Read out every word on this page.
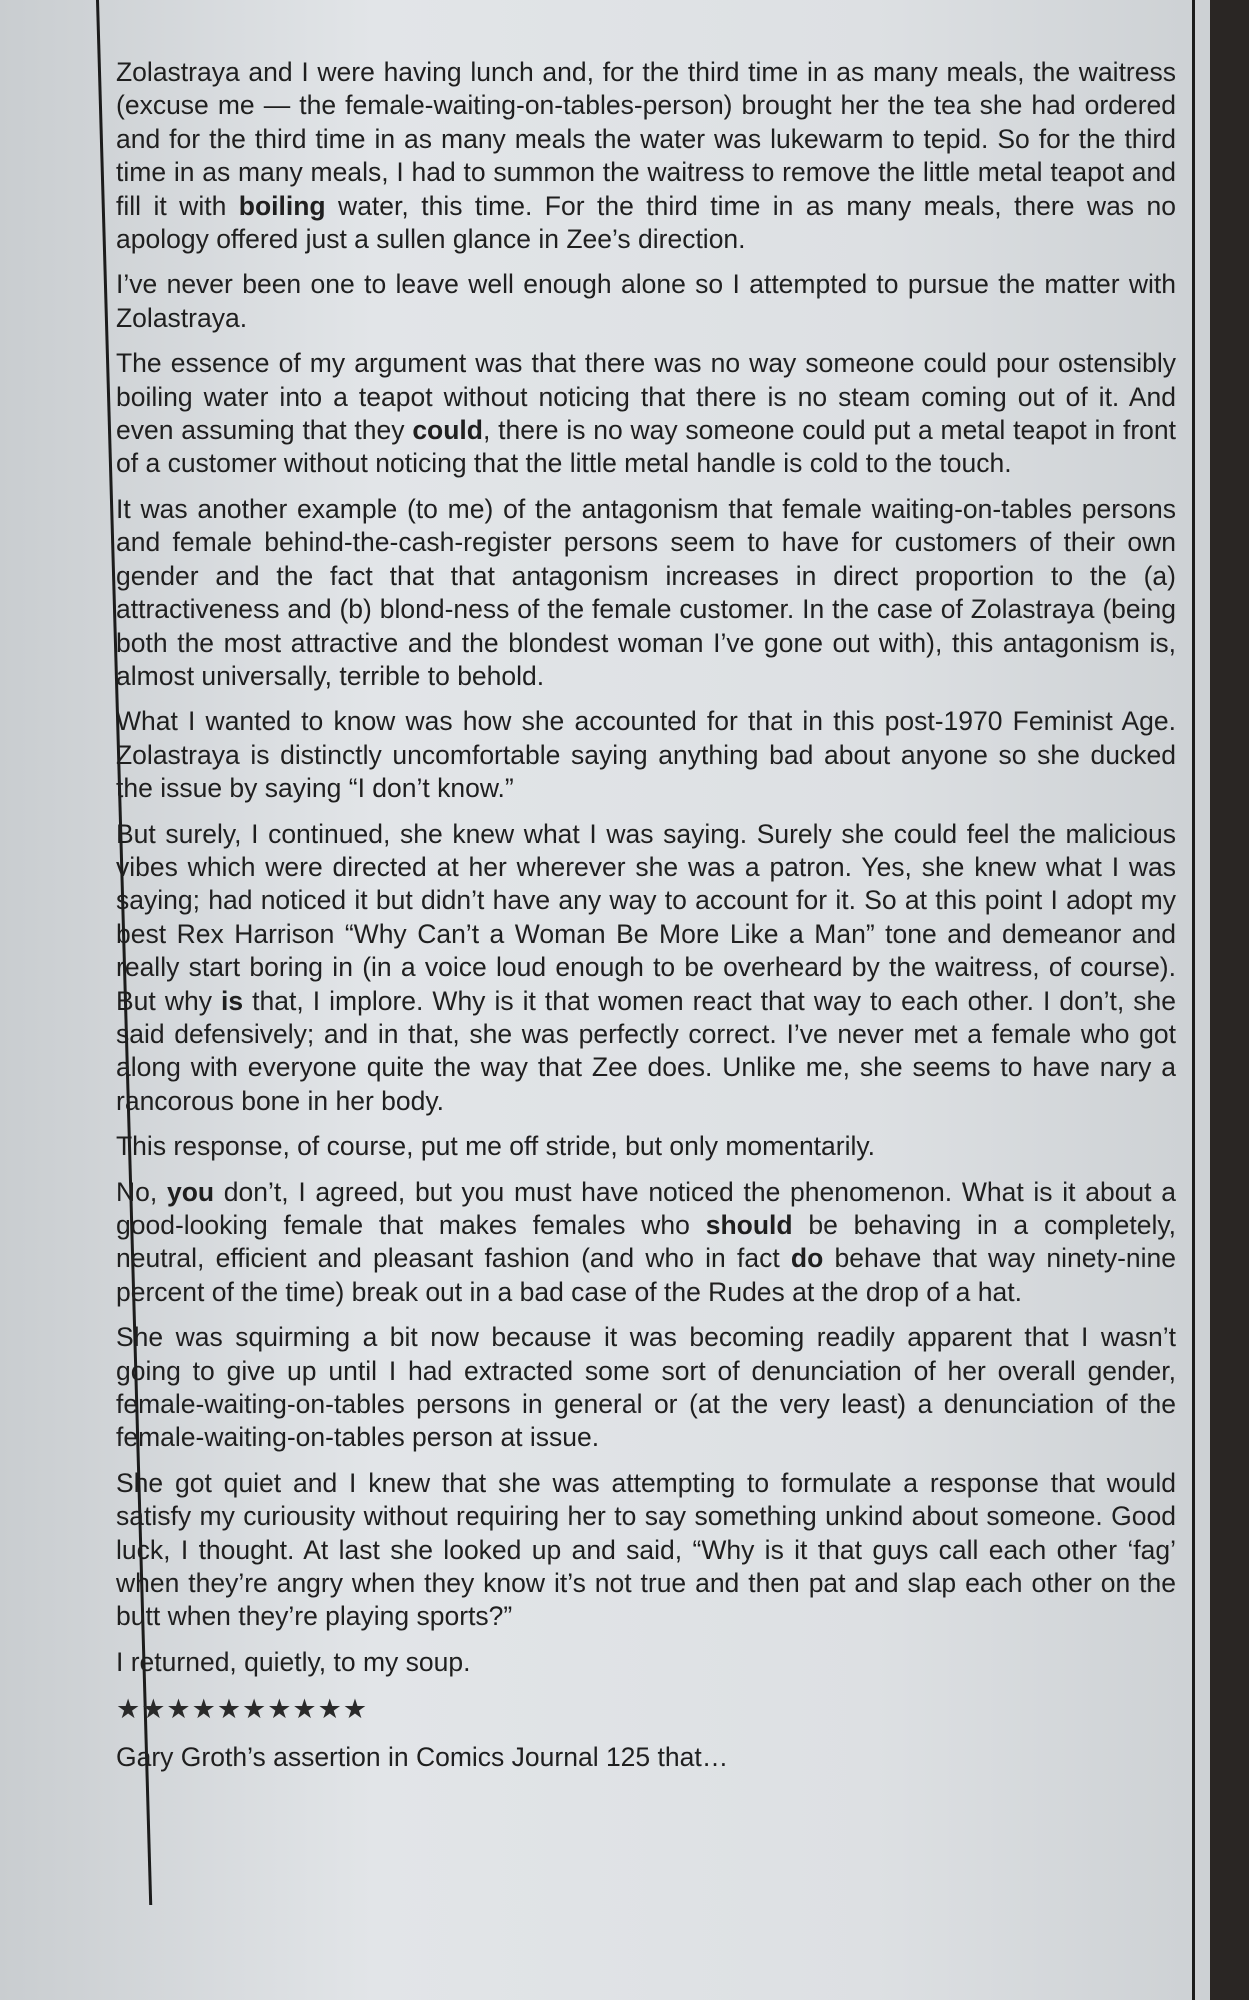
Zolastraya and I were having lunch and, for the third time in as many meals, the waitress (excuse me — the female-waiting-on-tables-person) brought her the tea she had ordered and for the third time in as many meals the water was lukewarm to tepid. So for the third time in as many meals, I had to summon the waitress to remove the little metal teapot and fill it with boiling water, this time. For the third time in as many meals, there was no apology offered just a sullen glance in Zee’s direction.

I’ve never been one to leave well enough alone so I attempted to pursue the matter with Zolastraya.

The essence of my argument was that there was no way someone could pour ostensibly boiling water into a teapot without noticing that there is no steam coming out of it. And even assuming that they could, there is no way someone could put a metal teapot in front of a customer without noticing that the little metal handle is cold to the touch.

It was another example (to me) of the antagonism that female waiting-on-tables persons and female behind-the-cash-register persons seem to have for customers of their own gender and the fact that that antagonism increases in direct proportion to the (a) attractiveness and (b) blond-ness of the female customer. In the case of Zolastraya (being both the most attractive and the blondest woman I’ve gone out with), this antagonism is, almost universally, terrible to behold.

What I wanted to know was how she accounted for that in this post-1970 Feminist Age. Zolastraya is distinctly uncomfortable saying anything bad about anyone so she ducked the issue by saying “I don’t know.”

But surely, I continued, she knew what I was saying. Surely she could feel the malicious vibes which were directed at her wherever she was a patron. Yes, she knew what I was saying; had noticed it but didn’t have any way to account for it. So at this point I adopt my best Rex Harrison “Why Can’t a Woman Be More Like a Man” tone and demeanor and really start boring in (in a voice loud enough to be overheard by the waitress, of course). But why is that, I implore. Why is it that women react that way to each other. I don’t, she said defensively; and in that, she was perfectly correct. I’ve never met a female who got along with everyone quite the way that Zee does. Unlike me, she seems to have nary a rancorous bone in her body.

This response, of course, put me off stride, but only momentarily.

No, you don’t, I agreed, but you must have noticed the phenomenon. What is it about a good-looking female that makes females who should be behaving in a completely, neutral, efficient and pleasant fashion (and who in fact do behave that way ninety-nine percent of the time) break out in a bad case of the Rudes at the drop of a hat.

She was squirming a bit now because it was becoming readily apparent that I wasn’t going to give up until I had extracted some sort of denunciation of her overall gender, female-waiting-on-tables persons in general or (at the very least) a denunciation of the female-waiting-on-tables person at issue.

She got quiet and I knew that she was attempting to formulate a response that would satisfy my curiousity without requiring her to say something unkind about someone. Good luck, I thought. At last she looked up and said, “Why is it that guys call each other ‘fag’ when they’re angry when they know it’s not true and then pat and slap each other on the butt when they’re playing sports?”

I returned, quietly, to my soup.

★★★★★★★★★★

Gary Groth’s assertion in Comics Journal 125 that…
